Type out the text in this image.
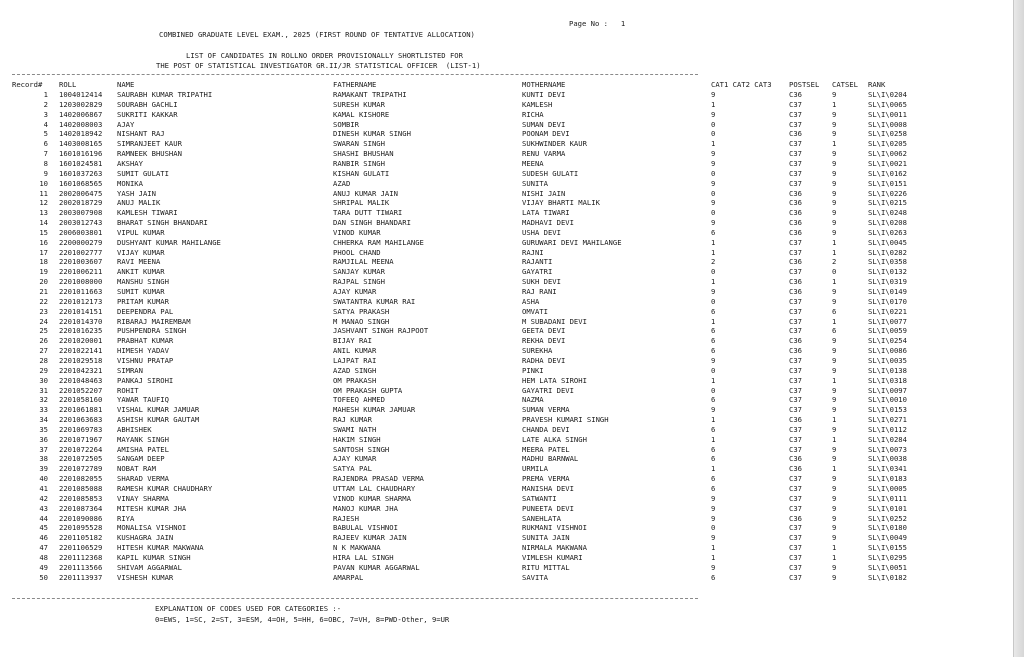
Page No :   1
COMBINED GRADUATE LEVEL EXAM., 2025 (FIRST ROUND OF TENTATIVE ALLOCATION)
LIST OF CANDIDATES IN ROLLNO ORDER PROVISIONALLY SHORTLISTED FOR
THE POST OF STATISTICAL INVESTIGATOR GR.II/JR STATISTICAL OFFICER  (LIST-1)
Record# ROLL	NAME	FATHERNAME	MOTHERNAME	CAT1 CAT2 CAT3 POSTSEL CATSEL RANK
1 1004012414 SAURABH KUMAR TRIPATHI	RAMAKANT TRIPATHI	KUNTI DEVI	9	C36	9	SL\I\0204
2 1203002829 SOURABH GACHLI	SURESH KUMAR	KAMLESH	1	C37	1	SL\I\0065
3 1402006867 SUKRITI KAKKAR	KAMAL KISHORE	RICHA	9	C37	9	SL\I\0011
4 1402008003 AJAY	SOMBIR	SUMAN DEVI	0	C37	9	SL\I\0008
5 1402018942 NISHANT RAJ	DINESH KUMAR SINGH	POONAM DEVI	0	C36	9	SL\I\0258
6 1403008165 SIMRANJEET KAUR	SWARAN SINGH	SUKHWINDER KAUR	1	C37	1	SL\I\0205
7 1601016196 RAMNEEK BHUSHAN	SHASHI BHUSHAN	RENU VARMA	9	C37	9	SL\I\0062
8 1601024581 AKSHAY	RANBIR SINGH	MEENA	9	C37	9	SL\I\0021
9 1601037263 SUMIT GULATI	KISHAN GULATI	SUDESH GULATI	0	C37	9	SL\I\0162
10 1601068565 MONIKA	AZAD	SUNITA	9	C37	9	SL\I\0151
11 2002006475 YASH JAIN	ANUJ KUMAR JAIN	NISHI JAIN	0	C36	9	SL\I\0226
12 2002018729 ANUJ MALIK	SHRIPAL MALIK	VIJAY BHARTI MALIK	9	C36	9	SL\I\0215
13 2003007908 KAMLESH TIWARI	TARA DUTT TIWARI	LATA TIWARI	0	C36	9	SL\I\0248
14 2003012743 BHARAT SINGH BHANDARI	DAN SINGH BHANDARI	MADHAVI DEVI	9	C36	9	SL\I\0208
15 2006003801 VIPUL KUMAR	VINOD KUMAR	USHA DEVI	6	C36	9	SL\I\0263
16 2200000279 DUSHYANT KUMAR MAHILANGE	CHHERKA RAM MAHILANGE	GURUWARI DEVI MAHILANGE	1	C37	1	SL\I\0045
17 2201002777 VIJAY KUMAR	PHOOL CHAND	RAJNI	1	C37	1	SL\I\0282
18 2201003607 RAVI MEENA	RAMJILAL MEENA	RAJANTI	2	C36	2	SL\I\0358
19 2201006211 ANKIT KUMAR	SANJAY KUMAR	GAYATRI	0	C37	0	SL\I\0132
20 2201008000 MANSHU SINGH	RAJPAL SINGH	SUKH DEVI	1	C36	1	SL\I\0319
21 2201011663 SUMIT KUMAR	AJAY KUMAR	RAJ RANI	9	C36	9	SL\I\0149
22 2201012173 PRITAM KUMAR	SWATANTRA KUMAR RAI	ASHA	0	C37	9	SL\I\0170
23 2201014151 DEEPENDRA PAL	SATYA PRAKASH	OMVATI	6	C37	6	SL\I\0221
24 2201014370 RIBARAJ MAIREMBAM	M MANAO SINGH	M SUBADANI DEVI	1	C37	1	SL\I\0077
25 2201016235 PUSHPENDRA SINGH	JASHVANT SINGH RAJPOOT	GEETA DEVI	6	C37	6	SL\I\0059
26 2201020001 PRABHAT KUMAR	BIJAY RAI	REKHA DEVI	6	C36	9	SL\I\0254
27 2201022141 HIMESH YADAV	ANIL KUMAR	SUREKHA	6	C36	9	SL\I\0086
28 2201029518 VISHNU PRATAP	LAJPAT RAI	RADHA DEVI	9	C37	9	SL\I\0035
29 2201042321 SIMRAN	AZAD SINGH	PINKI	0	C37	9	SL\I\0138
30 2201048463 PANKAJ SIROHI	OM PRAKASH	HEM LATA SIROHI	1	C37	1	SL\I\0318
31 2201052207 ROHIT	OM PRAKASH GUPTA	GAYATRI DEVI	0	C37	9	SL\I\0097
32 2201058160 YAWAR TAUFIQ	TOFEEQ AHMED	NAZMA	6	C37	9	SL\I\0010
33 2201061881 VISHAL KUMAR JAMUAR	MAHESH KUMAR JAMUAR	SUMAN VERMA	9	C37	9	SL\I\0153
34 2201063683 ASHISH KUMAR GAUTAM	RAJ KUMAR	PRAVESH KUMARI SINGH	1	C36	1	SL\I\0271
35 2201069783 ABHISHEK	SWAMI NATH	CHANDA DEVI	6	C37	9	SL\I\0112
36 2201071967 MAYANK SINGH	HAKIM SINGH	LATE ALKA SINGH	1	C37	1	SL\I\0284
37 2201072264 AMISHA PATEL	SANTOSH SINGH	MEERA PATEL	6	C37	9	SL\I\0073
38 2201072505 SANGAM DEEP	AJAY KUMAR	MADHU BARNWAL	6	C36	9	SL\I\0038
39 2201072789 NOBAT RAM	SATYA PAL	URMILA	1	C36	1	SL\I\0341
40 2201082055 SHARAD VERMA	RAJENDRA PRASAD VERMA	PREMA VERMA	6	C37	9	SL\I\0183
41 2201085088 RAMESH KUMAR CHAUDHARY	UTTAM LAL CHAUDHARY	MANISHA DEVI	6	C37	9	SL\I\0005
42 2201085853 VINAY SHARMA	VINOD KUMAR SHARMA	SATWANTI	9	C37	9	SL\I\0111
43 2201087364 MITESH KUMAR JHA	MANOJ KUMAR JHA	PUNEETA DEVI	9	C37	9	SL\I\0101
44 2201090086 RIYA	RAJESH	SANEHLATA	9	C36	9	SL\I\0252
45 2201095528 MONALISA VISHNOI	BABULAL VISHNOI	RUKMANI VISHNOI	0	C37	9	SL\I\0180
46 2201105182 KUSHAGRA JAIN	RAJEEV KUMAR JAIN	SUNITA JAIN	9	C37	9	SL\I\0049
47 2201106529 HITESH KUMAR MAKWANA	N K MAKWANA	NIRMALA MAKWANA	1	C37	1	SL\I\0155
48 2201112368 KAPIL KUMAR SINGH	HIRA LAL SINGH	VIMLESH KUMARI	1	C37	1	SL\I\0295
49 2201113566 SHIVAM AGGARWAL	PAVAN KUMAR AGGARWAL	RITU MITTAL	9	C37	9	SL\I\0051
50 2201113937 VISHESH KUMAR	AMARPAL	SAVITA	6	C37	9	SL\I\0182
EXPLANATION OF CODES USED FOR CATEGORIES :-
0=EWS, 1=SC, 2=ST, 3=ESM, 4=OH, 5=HH, 6=OBC, 7=VH, 8=PWD-Other, 9=UR
